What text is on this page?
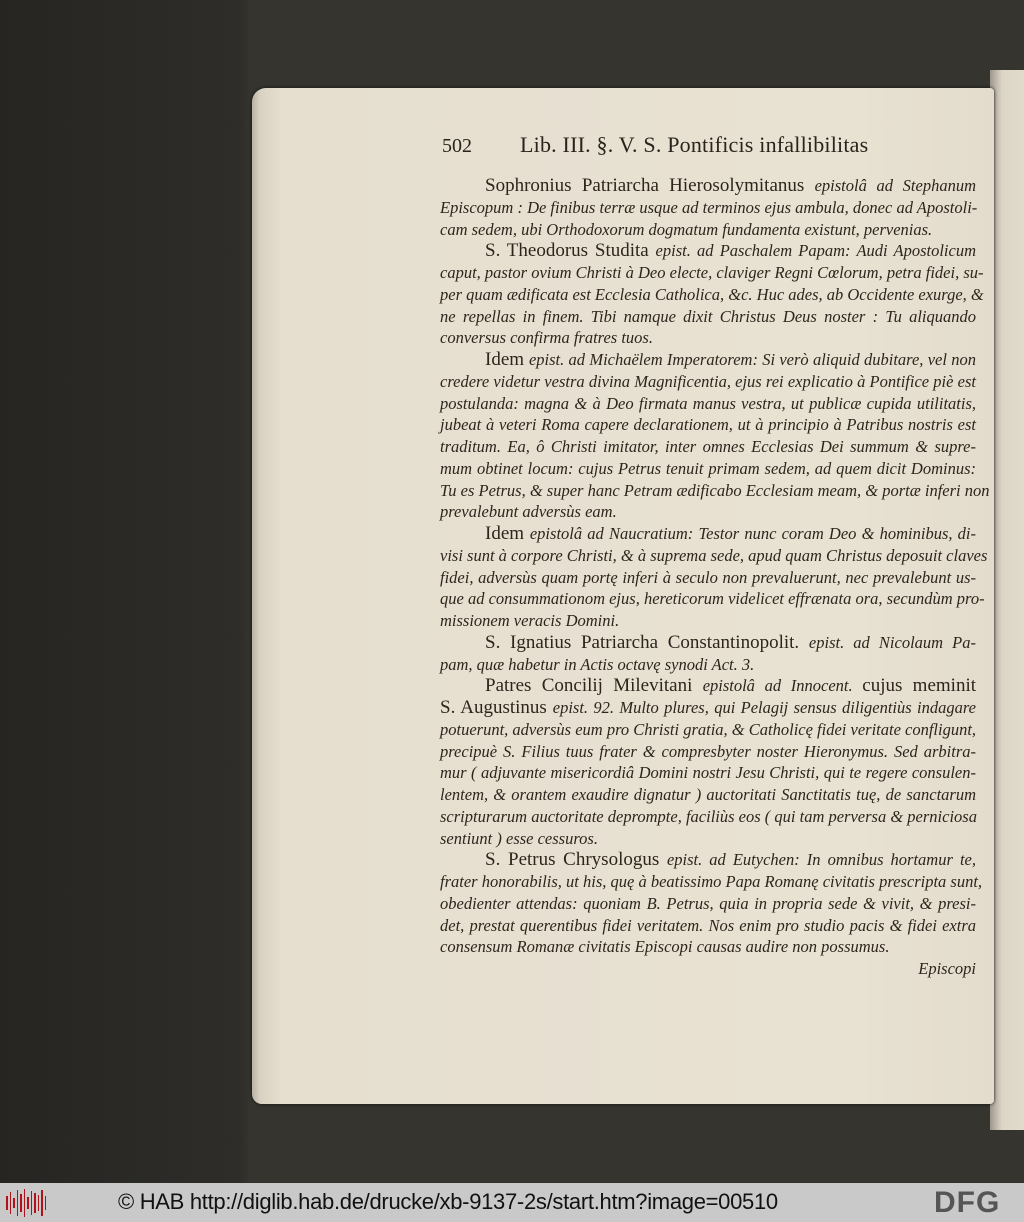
502 Lib. III. §. V. S. Pontificis infallibilitas
Sophronius Patriarcha Hierosolymitanus epistolâ ad Stephanum
Episcopum : De finibus terræ usque ad terminos ejus ambula, donec ad Apostoli-
cam sedem, ubi Orthodoxorum dogmatum fundamenta existunt, pervenias.
S. Theodorus Studita epist. ad Paschalem Papam: Audi Apostolicum
caput, pastor ovium Christi à Deo electe, claviger Regni Cœlorum, petra fidei, su-
per quam ædificata est Ecclesia Catholica, &c. Huc ades, ab Occidente exurge, &
ne repellas in finem. Tibi namque dixit Christus Deus noster : Tu aliquando
conversus confirma fratres tuos.
Idem epist. ad Michaëlem Imperatorem: Si verò aliquid dubitare, vel non
credere videtur vestra divina Magnificentia, ejus rei explicatio à Pontifice piè est
postulanda: magna & à Deo firmata manus vestra, ut publicæ cupida utilitatis,
jubeat à veteri Roma capere declarationem, ut à principio à Patribus nostris est
traditum. Ea, ô Christi imitator, inter omnes Ecclesias Dei summum & supre-
mum obtinet locum: cujus Petrus tenuit primam sedem, ad quem dicit Dominus:
Tu es Petrus, & super hanc Petram ædificabo Ecclesiam meam, & portæ inferi non
prevalebunt adversùs eam.
Idem epistolâ ad Naucratium: Testor nunc coram Deo & hominibus, di-
visi sunt à corpore Christi, & à suprema sede, apud quam Christus deposuit claves
fidei, adversùs quam portę inferi à seculo non prevaluerunt, nec prevalebunt us-
que ad consummationom ejus, hereticorum videlicet effrænata ora, secundùm pro-
missionem veracis Domini.
S. Ignatius Patriarcha Constantinopolit. epist. ad Nicolaum Pa-
pam, quæ habetur in Actis octavę synodi Act. 3.
Patres Concilij Milevitani epistolâ ad Innocent. cujus meminit
S. Augustinus epist. 92. Multo plures, qui Pelagij sensus diligentiùs indagare
potuerunt, adversùs eum pro Christi gratia, & Catholicę fidei veritate confligunt,
precipuè S. Filius tuus frater & compresbyter noster Hieronymus. Sed arbitra-
mur ( adjuvante misericordiâ Domini nostri Jesu Christi, qui te regere consulen-
lentem, & orantem exaudire dignatur ) auctoritati Sanctitatis tuę, de sanctarum
scripturarum auctoritate deprompte, faciliùs eos ( qui tam perversa & perniciosa
sentiunt ) esse cessuros.
S. Petrus Chrysologus epist. ad Eutychen: In omnibus hortamur te,
frater honorabilis, ut his, quę à beatissimo Papa Romanę civitatis prescripta sunt,
obedienter attendas: quoniam B. Petrus, quia in propria sede & vivit, & presi-
det, prestat querentibus fidei veritatem. Nos enim pro studio pacis & fidei extra
consensum Romanæ civitatis Episcopi causas audire non possumus.
Episcopi
© HAB http://diglib.hab.de/drucke/xb-9137-2s/start.htm?image=00510	DFG
